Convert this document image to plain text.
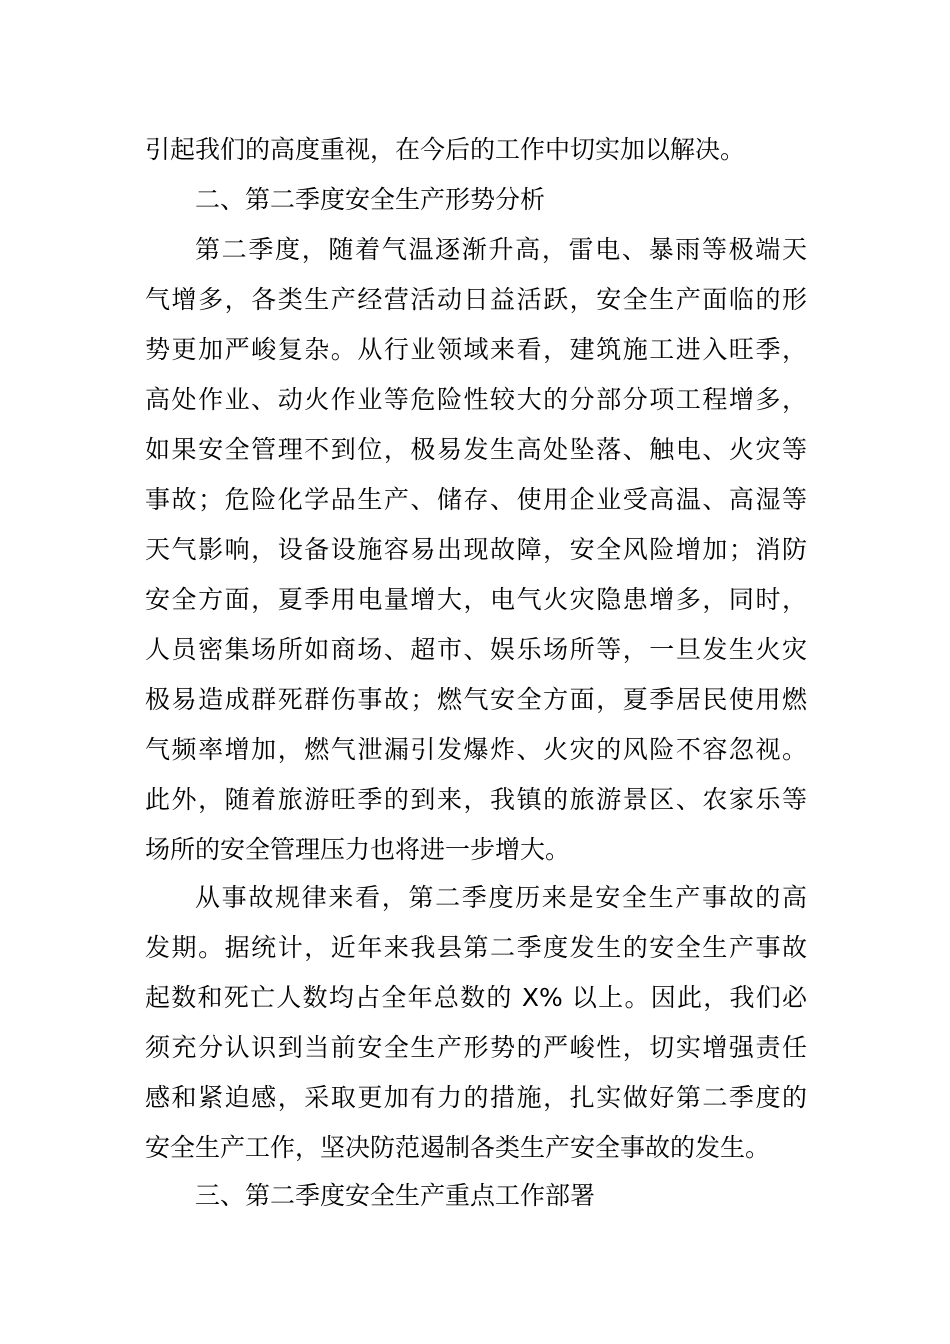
引起我们的高度重视，在今后的工作中切实加以解决。
二、第二季度安全生产形势分析
第二季度，随着气温逐渐升高，雷电、暴雨等极端天
气增多，各类生产经营活动日益活跃，安全生产面临的形
势更加严峻复杂。从行业领域来看，建筑施工进入旺季，
高处作业、动火作业等危险性较大的分部分项工程增多，
如果安全管理不到位，极易发生高处坠落、触电、火灾等
事故；危险化学品生产、储存、使用企业受高温、高湿等
天气影响，设备设施容易出现故障，安全风险增加；消防
安全方面，夏季用电量增大，电气火灾隐患增多，同时，
人员密集场所如商场、超市、娱乐场所等，一旦发生火灾
极易造成群死群伤事故；燃气安全方面，夏季居民使用燃
气频率增加，燃气泄漏引发爆炸、火灾的风险不容忽视。
此外，随着旅游旺季的到来，我镇的旅游景区、农家乐等
场所的安全管理压力也将进一步增大。
从事故规律来看，第二季度历来是安全生产事故的高
发期。据统计，近年来我县第二季度发生的安全生产事故
起数和死亡人数均占全年总数的 X% 以上。因此，我们必
须充分认识到当前安全生产形势的严峻性，切实增强责任
感和紧迫感，采取更加有力的措施，扎实做好第二季度的
安全生产工作，坚决防范遏制各类生产安全事故的发生。
三、第二季度安全生产重点工作部署
